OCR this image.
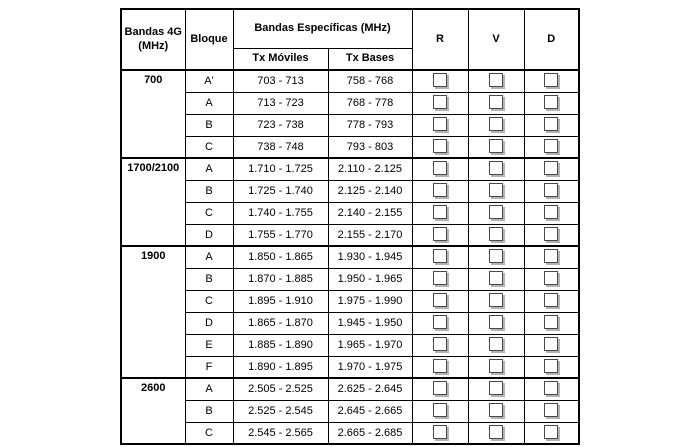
Bandas 4G (MHz)	Bloque	Bandas Específicas (MHz)		R	V	D
		Tx Móviles	Tx Bases			
700	A'	703 - 713	758 - 768			
	A	713 - 723	768 - 778			
	B	723 - 738	778 - 793			
	C	738 - 748	793 - 803			
1700/2100	A	1.710 - 1.725	2.110 - 2.125			
	B	1.725 - 1.740	2.125 - 2.140			
	C	1.740 - 1.755	2.140 - 2.155			
	D	1.755 - 1.770	2.155 - 2.170			
1900	A	1.850 - 1.865	1.930 - 1.945			
	B	1.870 - 1.885	1.950 - 1.965			
	C	1.895 - 1.910	1.975 - 1.990			
	D	1.865 - 1.870	1.945 - 1.950			
	E	1.885 - 1.890	1.965 - 1.970			
	F	1.890 - 1.895	1.970 - 1.975			
2600	A	2.505 - 2.525	2.625 - 2.645			
	B	2.525 - 2.545	2.645 - 2.665			
	C	2.545 - 2.565	2.665 - 2.685			
